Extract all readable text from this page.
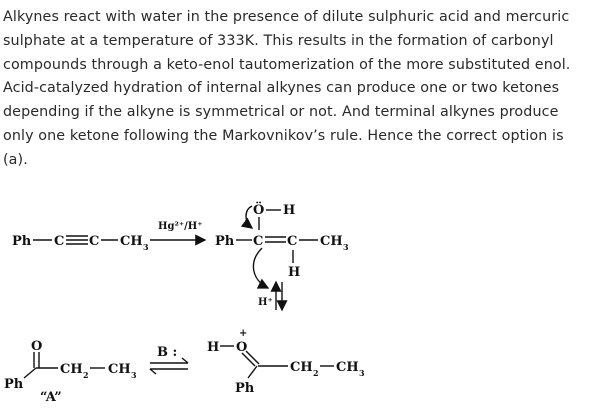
Alkynes react with water in the presence of dilute sulphuric acid and mercuric
sulphate at a temperature of 333K. This results in the formation of carbonyl
compounds through a keto-enol tautomerization of the more substituted enol.
Acid-catalyzed hydration of internal alkynes can produce one or two ketones
depending if the alkyne is symmetrical or not. And terminal alkynes produce
only one ketone following the Markovnikov’s rule. Hence the correct option is
(a).
Ph C C CH 3
Hg²⁺/H⁺
Ph C C CH 3
Ö H
H
H⁺
O
CH 2 CH 3
Ph
“A”
B : H O
+
CH 2 CH 3
Ph
